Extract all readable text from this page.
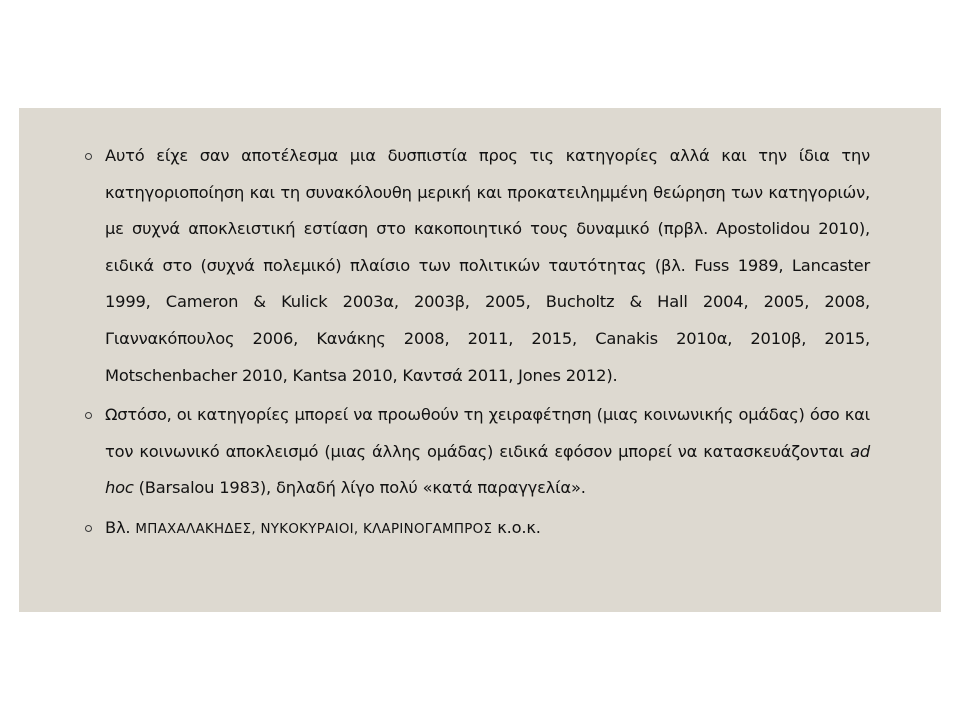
Αυτό είχε σαν αποτέλεσμα μια δυσπιστία προς τις κατηγορίες αλλά και την ίδια την κατηγοριοποίηση και τη συνακόλουθη μερική και προκατειλημμένη θεώρηση των κατηγοριών, με συχνά αποκλειστική εστίαση στο κακοποιητικό τους δυναμικό (πρβλ. Apostolidou 2010), ειδικά στο (συχνά πολεμικό) πλαίσιο των πολιτικών ταυτότητας (βλ. Fuss 1989, Lancaster 1999, Cameron & Kulick 2003α, 2003β, 2005, Bucholtz & Hall 2004, 2005, 2008, Γιαννακόπουλος 2006, Κανάκης 2008, 2011, 2015, Canakis 2010α, 2010β, 2015, Motschenbacher 2010, Kantsa 2010, Καντσά 2011, Jones 2012).
Ωστόσο, οι κατηγορίες μπορεί να προωθούν τη χειραφέτηση (μιας κοινωνικής ομάδας) όσο και τον κοινωνικό αποκλεισμό (μιας άλλης ομάδας) ειδικά εφόσον μπορεί να κατασκευάζονται ad hoc (Barsalou 1983), δηλαδή λίγο πολύ «κατά παραγγελία».
Βλ. ΜΠΑΧΑΛΑΚΗΔΕΣ, ΝΥΚΟΚΥΡΑΙΟΙ, ΚΛΑΡΙΝΟΓΑΜΠΡΟΣ κ.ο.κ.
